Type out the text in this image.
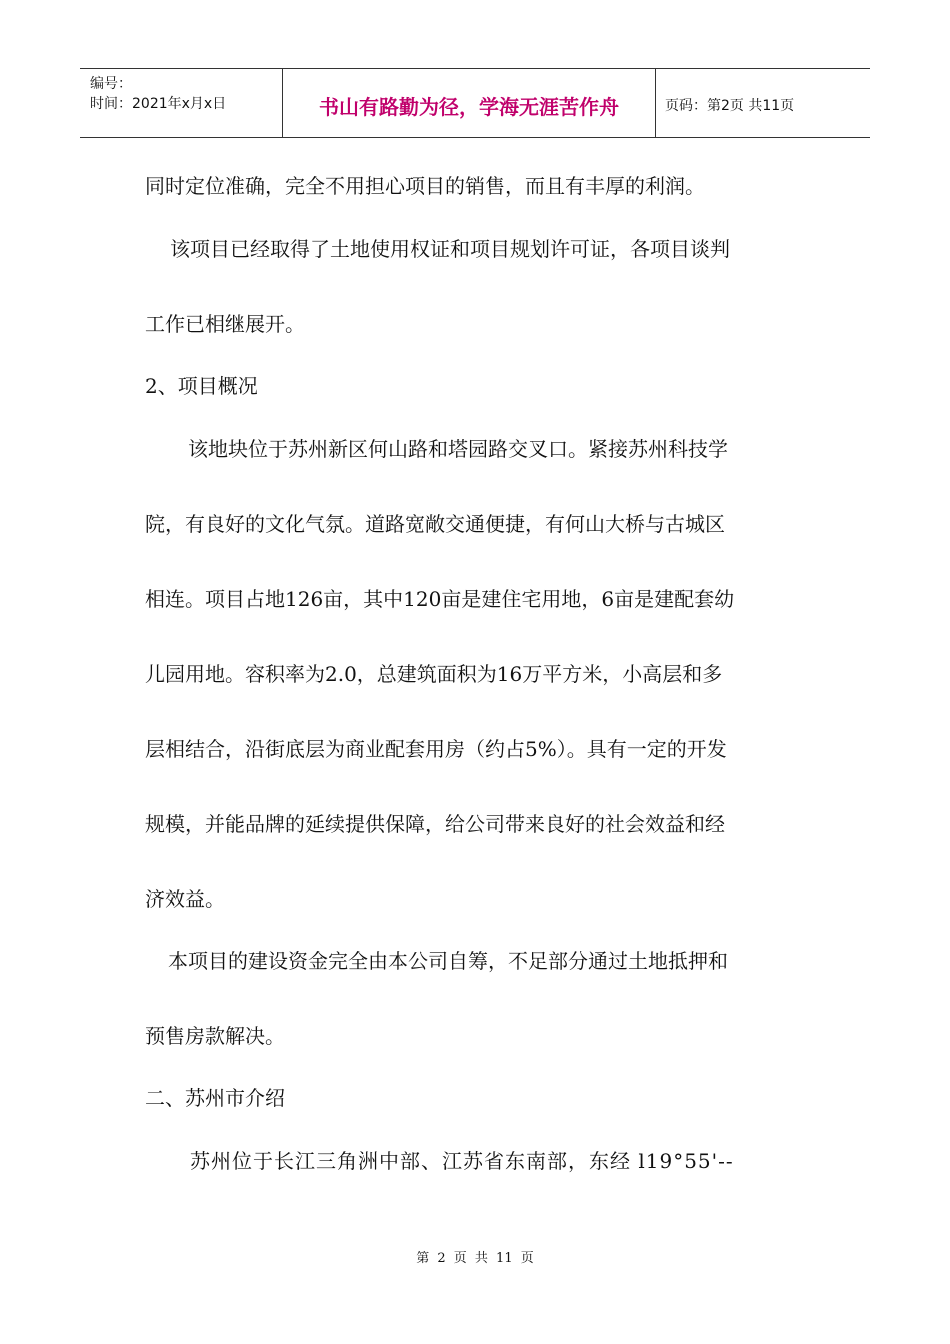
编号：
时间：2021年x月x日	书山有路勤为径，学海无涯苦作舟	页码：第2页 共11页
同时定位准确，完全不用担心项目的销售，而且有丰厚的利润。
该项目已经取得了土地使用权证和项目规划许可证，各项目谈判
工作已相继展开。
2、项目概况
该地块位于苏州新区何山路和塔园路交叉口。紧接苏州科技学
院，有良好的文化气氛。道路宽敞交通便捷，有何山大桥与古城区
相连。项目占地126亩，其中120亩是建住宅用地，6亩是建配套幼
儿园用地。容积率为2.0，总建筑面积为16万平方米，小高层和多
层相结合，沿街底层为商业配套用房（约占5%）。具有一定的开发
规模，并能品牌的延续提供保障，给公司带来良好的社会效益和经
济效益。
本项目的建设资金完全由本公司自筹，不足部分通过土地抵押和
预售房款解决。
二、苏州市介绍
苏州位于长江三角洲中部、江苏省东南部，东经 l19°55'--
第 2 页 共 11 页
